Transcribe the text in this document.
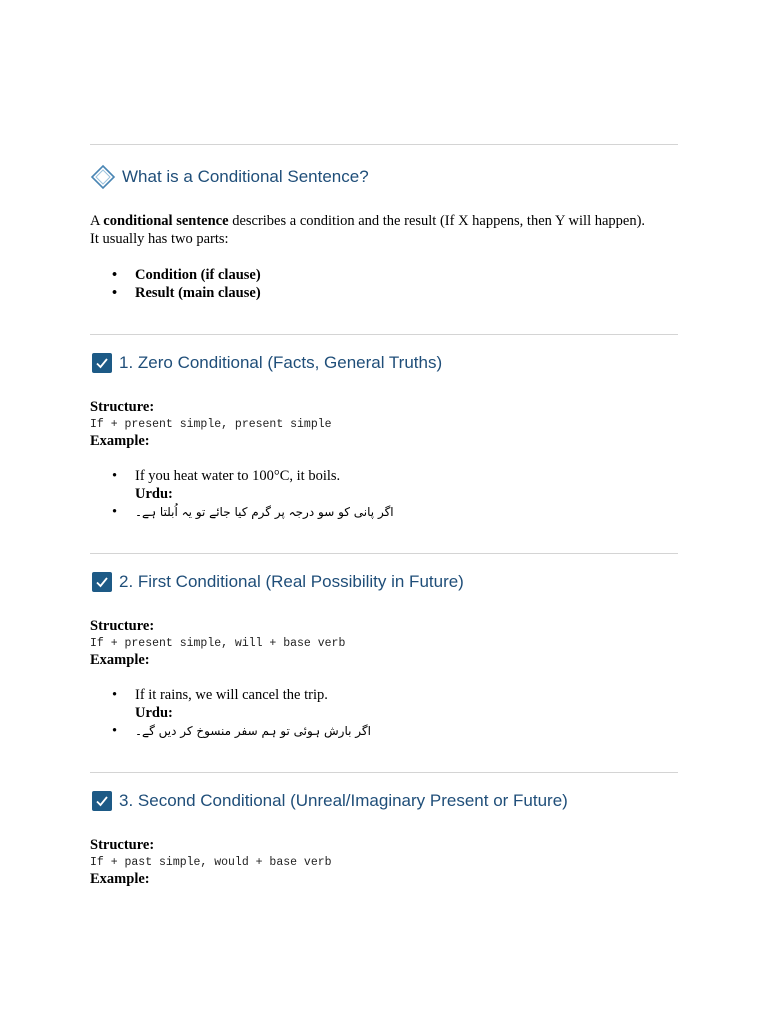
What is a Conditional Sentence?
A conditional sentence describes a condition and the result (If X happens, then Y will happen).
It usually has two parts:
• Condition (if clause)
• Result (main clause)
1. Zero Conditional (Facts, General Truths)
Structure:
If + present simple, present simple
Example:
• If you heat water to 100°C, it boils.
Urdu:
• اگر پانی کو سو درجہ پر گرم کیا جائے تو یہ اُبلتا ہے۔
2. First Conditional (Real Possibility in Future)
Structure:
If + present simple, will + base verb
Example:
• If it rains, we will cancel the trip.
Urdu:
• اگر بارش ہوئی تو ہم سفر منسوخ کر دیں گے۔
3. Second Conditional (Unreal/Imaginary Present or Future)
Structure:
If + past simple, would + base verb
Example:
